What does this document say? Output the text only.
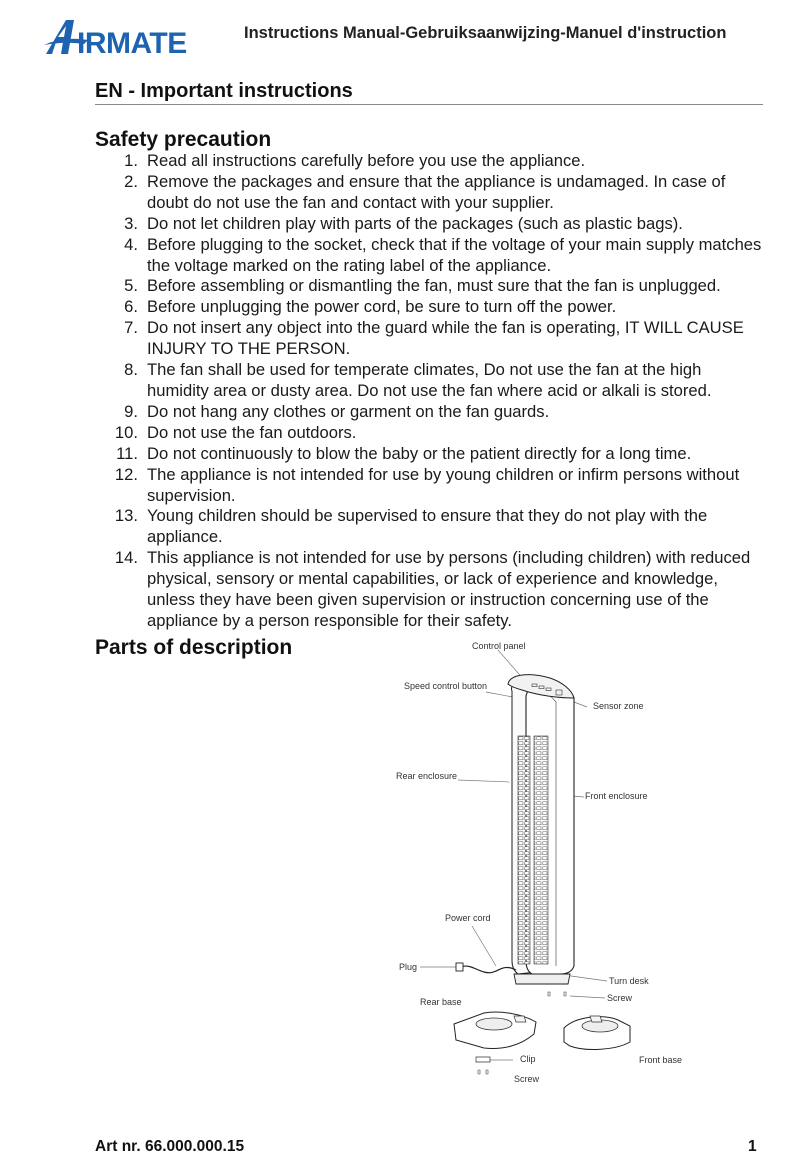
IRMATE	Instructions Manual-Gebruiksaanwijzing-Manuel d'instruction
EN - Important instructions
Safety precaution
1. Read all instructions carefully before you use the appliance.
2. Remove the packages and ensure that the appliance is undamaged. In case of doubt do not use the fan and contact with your supplier.
3. Do not let children play with parts of the packages (such as plastic bags).
4. Before plugging to the socket, check that if the voltage of your main supply matches the voltage marked on the rating label of the appliance.
5. Before assembling or dismantling the fan, must sure that the fan is unplugged.
6. Before unplugging the power cord, be sure to turn off the power.
7. Do not insert any object into the guard while the fan is operating, IT WILL CAUSE INJURY TO THE PERSON.
8. The fan shall be used for temperate climates, Do not use the fan at the high humidity area or dusty area. Do not use the fan where acid or alkali is stored.
9. Do not hang any clothes or garment on the fan guards.
10. Do not use the fan outdoors.
11. Do not continuously to blow the baby or the patient directly for a long time.
12. The appliance is not intended for use by young children or infirm persons without supervision.
13. Young children should be supervised to ensure that they do not play with the appliance.
14. This appliance is not intended for use by persons (including children) with reduced physical, sensory or mental capabilities, or lack of experience and knowledge, unless they have been given supervision or instruction concerning use of the appliance by a person responsible for their safety.
Parts of description	Control panel
Speed control button
Sensor zone
Rear enclosure
Front enclosure
Power cord
Plug
Turn desk
Screw
Rear base
Clip	Front base
Screw
Art nr. 66.000.000.15	1
